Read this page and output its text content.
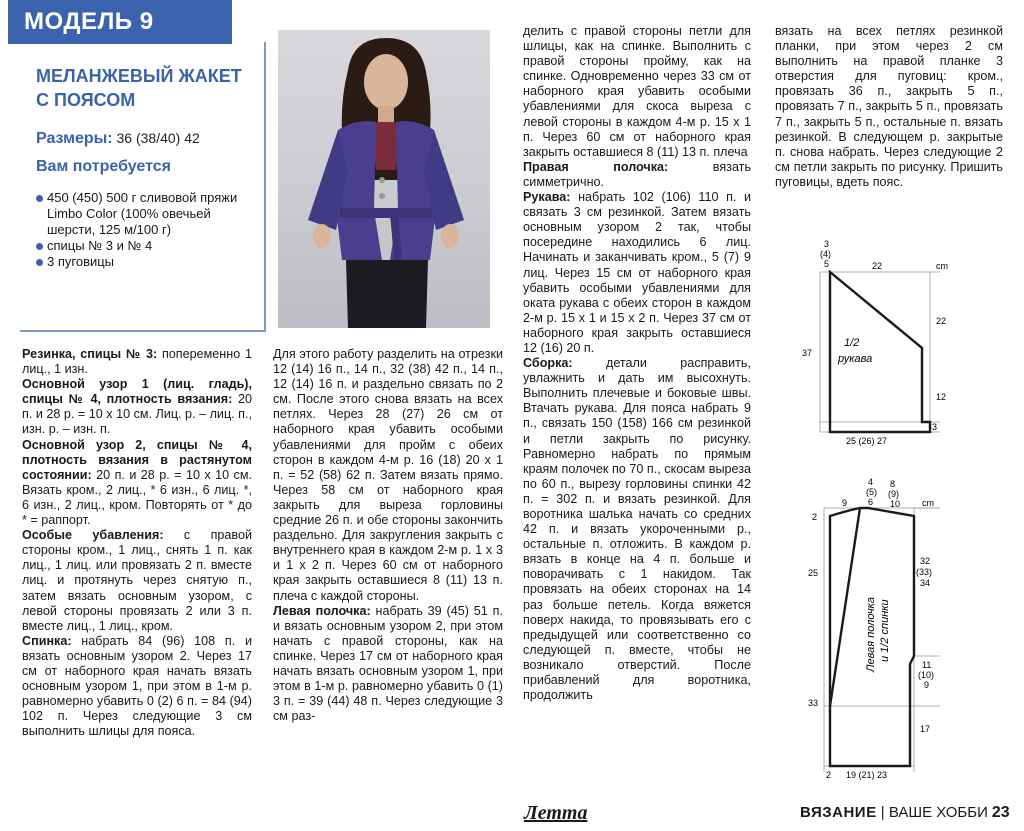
МОДЕЛЬ 9
МЕЛАНЖЕВЫЙ ЖАКЕТ С ПОЯСОМ
Размеры: 36 (38/40) 42
Вам потребуется
450 (450) 500 г сливовой пряжи Limbo Color (100% овечьей шерсти, 125 м/100 г)
спицы № 3 и № 4
3 пуговицы

Резинка, спицы № 3: попеременно 1 лиц., 1 изн.

Основной узор 1 (лиц. гладь), спицы № 4, плотность вязания: 20 п. и 28 р. = 10 x 10 см. Лиц. р. – лиц. п., изн. р. – изн. п.

Основной узор 2, спицы № 4, плотность вязания в растянутом состоянии: 20 п. и 28 р. = 10 x 10 см. Вязать кром., 2 лиц., * 6 изн., 6 лиц. *, 6 изн., 2 лиц., кром. Повторять от * до * = раппорт.

Особые убавления: с правой стороны кром., 1 лиц., снять 1 п. как лиц., 1 лиц. или провязать 2 п. вместе лиц. и протянуть через снятую п., затем вязать основным узором, с левой стороны провязать 2 или 3 п. вместе лиц., 1 лиц., кром.

Спинка: набрать 84 (96) 108 п. и вязать основным узором 2. Через 17 см от наборного края начать вязать основным узором 1, при этом в 1-м р. равномерно убавить 0 (2) 6 п. = 84 (94) 102 п. Через следующие 3 см выполнить шлицы для пояса.

Для этого работу разделить на отрезки 12 (14) 16 п., 14 п., 32 (38) 42 п., 14 п., 12 (14) 16 п. и раздельно связать по 2 см. После этого снова вязать на всех петлях. Через 28 (27) 26 см от наборного края убавить особыми убавлениями для пройм с обеих сторон в каждом 4-м р. 16 (18) 20 x 1 п. = 52 (58) 62 п. Затем вязать прямо. Через 58 см от наборного края закрыть для выреза горловины средние 26 п. и обе стороны закончить раздельно. Для закругления закрыть с внутреннего края в каждом 2-м р. 1 x 3 и 1 x 2 п. Через 60 см от наборного края закрыть оставшиеся 8 (11) 13 п. плеча с каждой стороны.

Левая полочка: набрать 39 (45) 51 п. и вязать основным узором 2, при этом начать с правой стороны, как на спинке. Через 17 см от наборного края начать вязать основным узором 1, при этом в 1-м р. равномерно убавить 0 (1) 3 п. = 39 (44) 48 п. Через следующие 3 см раз-

делить с правой стороны петли для шлицы, как на спинке. Выполнить с правой стороны пройму, как на спинке. Одновременно через 33 см от наборного края убавить особыми убавлениями для скоса выреза с левой стороны в каждом 4-м р. 15 x 1 п. Через 60 см от наборного края закрыть оставшиеся 8 (11) 13 п. плеча

Правая полочка: вязать симметрично.

Рукава: набрать 102 (106) 110 п. и связать 3 см резинкой. Затем вязать основным узором 2 так, чтобы посередине находились 6 лиц. Начинать и заканчивать кром., 5 (7) 9 лиц. Через 15 см от наборного края убавить особыми убавлениями для оката рукава с обеих сторон в каждом 2-м р. 15 x 1 и 15 x 2 п. Через 37 см от наборного края закрыть оставшиеся 12 (16) 20 п.

Сборка: детали расправить, увлажнить и дать им высохнуть. Выполнить плечевые и боковые швы. Втачать рукава. Для пояса набрать 9 п., связать 150 (158) 166 см резинкой и петли закрыть по рисунку. Равномерно набрать по прямым краям полочек по 70 п., скосам выреза по 60 п., вырезу горловины спинки 42 п. = 302 п. и вязать резинкой. Для воротника шалька начать со средних 42 п. и вязать укороченными р., остальные п. отложить. В каждом р. вязать в конце на 4 п. больше и поворачивать с 1 накидом. Так провязать на обеих сторонах на 14 раз больше петель. Когда вяжется поверх накида, то провязывать его с предыдущей или соответственно со следующей п. вместе, чтобы не возникало отверстий. После прибавлений для воротника, продолжить

вязать на всех петлях резинкой планки, при этом через 2 см выполнить на правой планке 3 отверстия для пуговиц: кром., провязать 36 п., закрыть 5 п., провязать 7 п., закрыть 5 п., провязать 7 п., закрыть 5 п., остальные п. вязать резинкой. В следующем р. закрытые п. снова набрать. Через следующие 2 см петли закрыть по рисунку. Пришить пуговицы, вдеть пояс.

3
(4)
5	22	cm
22
37
1/2
рукава
12
25 (26) 27
3
4
(5)
6
8
(9)
10
9	cm
2
25
32
(33)
34
Левая полочка и 1/2 спинки
11
(10)
9
33
17
2 19 (21) 23
Летта	ВЯЗАНИЕ | ВАШЕ ХОББИ 23
